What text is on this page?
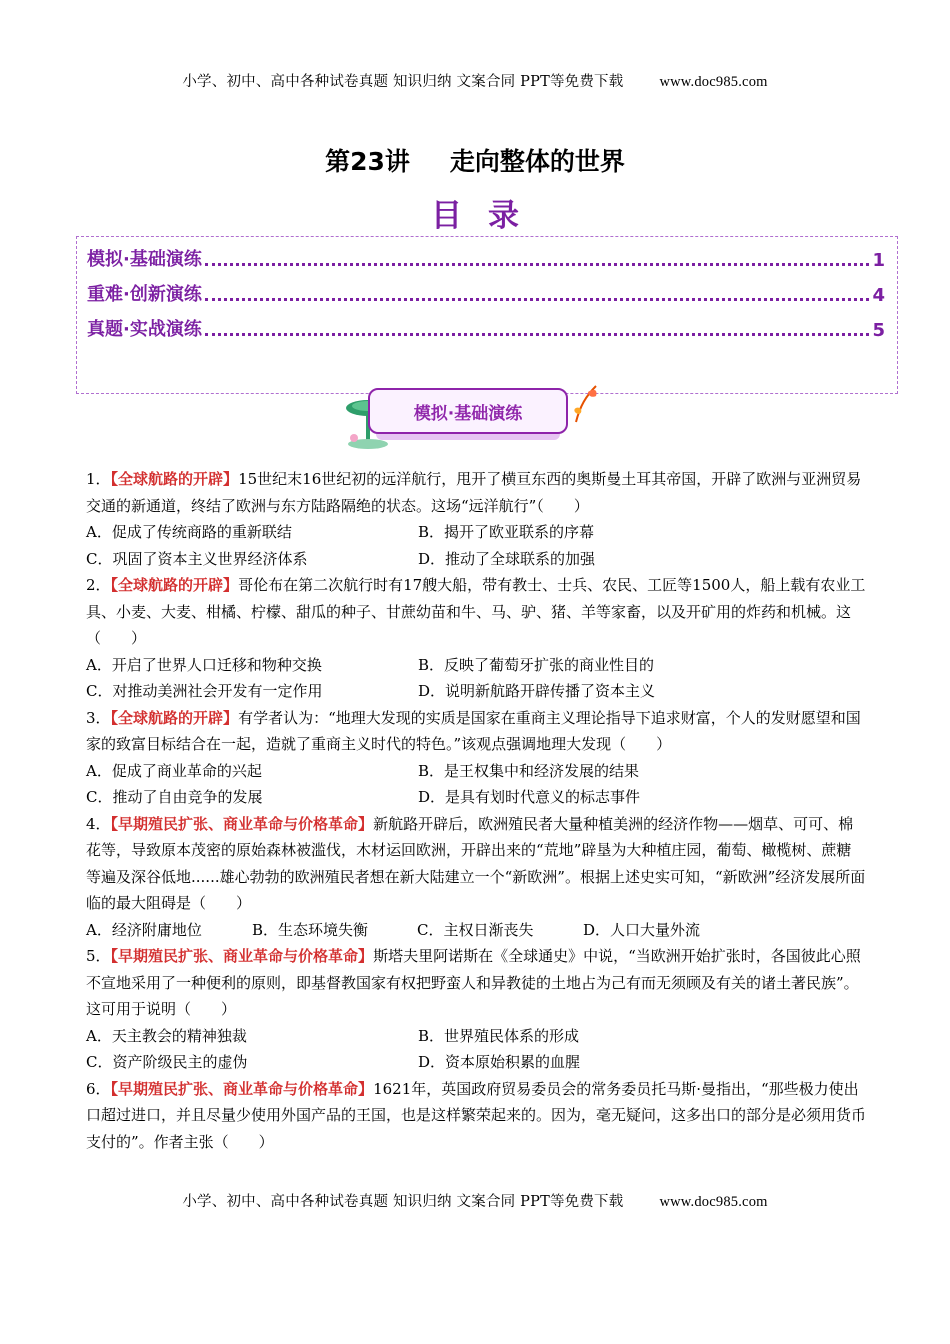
小学、初中、高中各种试卷真题 知识归纳 文案合同 PPT等免费下载 www.doc985.com
第23讲 走向整体的世界
目录
模拟·基础演练	1
重难·创新演练	4
真题·实战演练	5
模拟·基础演练
1．【全球航路的开辟】15世纪末16世纪初的远洋航行，甩开了横亘东西的奥斯曼土耳其帝国，开辟了欧洲与亚洲贸易交通的新通道，终结了欧洲与东方陆路隔绝的状态。这场“远洋航行”（　　）
A．促成了传统商路的重新联结	B．揭开了欧亚联系的序幕
C．巩固了资本主义世界经济体系	D．推动了全球联系的加强
2．【全球航路的开辟】哥伦布在第二次航行时有17艘大船，带有教士、士兵、农民、工匠等1500人，船上载有农业工具、小麦、大麦、柑橘、柠檬、甜瓜的种子、甘蔗幼苗和牛、马、驴、猪、羊等家畜，以及开矿用的炸药和机械。这（　　）
A．开启了世界人口迁移和物种交换	B．反映了葡萄牙扩张的商业性目的
C．对推动美洲社会开发有一定作用	D．说明新航路开辟传播了资本主义
3．【全球航路的开辟】有学者认为：“地理大发现的实质是国家在重商主义理论指导下追求财富，个人的发财愿望和国家的致富目标结合在一起，造就了重商主义时代的特色。”该观点强调地理大发现（　　）
A．促成了商业革命的兴起	B．是王权集中和经济发展的结果
C．推动了自由竞争的发展	D．是具有划时代意义的标志事件
4．【早期殖民扩张、商业革命与价格革命】新航路开辟后，欧洲殖民者大量种植美洲的经济作物——烟草、可可、棉花等，导致原本茂密的原始森林被滥伐，木材运回欧洲，开辟出来的“荒地”辟垦为大种植庄园，葡萄、橄榄树、蔗糖等遍及深谷低地......雄心勃勃的欧洲殖民者想在新大陆建立一个“新欧洲”。根据上述史实可知，“新欧洲”经济发展所面临的最大阻碍是（　　）
A．经济附庸地位	B．生态环境失衡	C．主权日渐丧失	D．人口大量外流
5．【早期殖民扩张、商业革命与价格革命】斯塔夫里阿诺斯在《全球通史》中说，“当欧洲开始扩张时，各国彼此心照不宣地采用了一种便利的原则，即基督教国家有权把野蛮人和异教徒的土地占为己有而无须顾及有关的诸土著民族”。这可用于说明（　　）
A．天主教会的精神独裁	B．世界殖民体系的形成
C．资产阶级民主的虚伪	D．资本原始积累的血腥
6．【早期殖民扩张、商业革命与价格革命】1621年，英国政府贸易委员会的常务委员托马斯·曼指出，“那些极力使出口超过进口，并且尽量少使用外国产品的王国，也是这样繁荣起来的。因为，毫无疑问，这多出口的部分是必须用货币支付的”。作者主张（　　）
小学、初中、高中各种试卷真题 知识归纳 文案合同 PPT等免费下载 www.doc985.com
